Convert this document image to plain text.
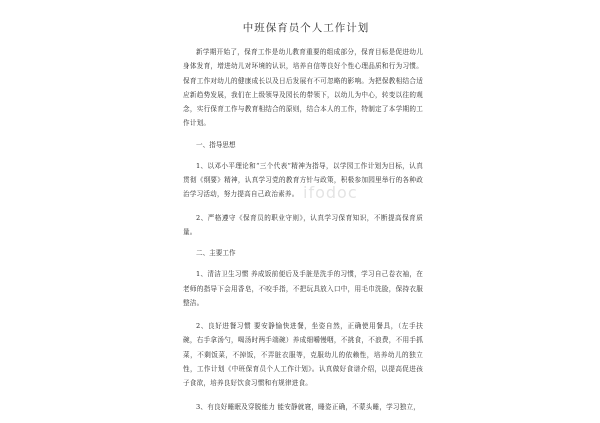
中班保育员个人工作计划

新学期开始了，保育工作是幼儿教育重要的组成部分，保育目标是促进幼儿身体发育，增进幼儿对环境的认识，培养自信等良好个性心理品质和行为习惯。保育工作对幼儿的健康成长以及日后发展有不可忽略的影响。为把保教相结合适应新趋势发展，我们在上级领导及园长的带领下，以幼儿为中心，转变以往的观念，实行保育工作与教育相结合的原则，结合本人的工作，特制定了本学期的工作计划。

一、指导思想

1、以邓小平理论和“三个代表”精神为指导，以学园工作计划为目标，认真贯彻《纲要》精神，认真学习党的教育方针与政策，积极参加园里举行的各种政治学习活动，努力提高自己政治素养。

2、严格遵守《保育员的职业守则》，认真学习保育知识，不断提高保育质量。

二、主要工作

1、清洁卫生习惯 养成饭前便后及手脏是洗手的习惯，学习自己卷衣袖，在老师的指导下会用香皂，不咬手指，不把玩具放入口中，用毛巾洗脸，保持衣服整洁。

2、良好进餐习惯 要安静愉快进餐，坐姿自然，正确使用餐具，（左手扶碗，右手拿汤勺，喝汤时两手端碗）养成细嚼慢咽，不挑食，不浪费，不用手抓菜，不剩饭菜，不掉饭，不弄脏衣服等，克服幼儿的依赖性，培养幼儿的独立性，工作计划《中班保育员个人工作计划》。认真做好食谱介绍，以提高促进孩子食欲，培养良好饮食习惯和有规律进食。

3、有良好睡眠及穿脱能力 能安静就寝，睡姿正确，不蒙头睡，学习独立，

ifodoc
